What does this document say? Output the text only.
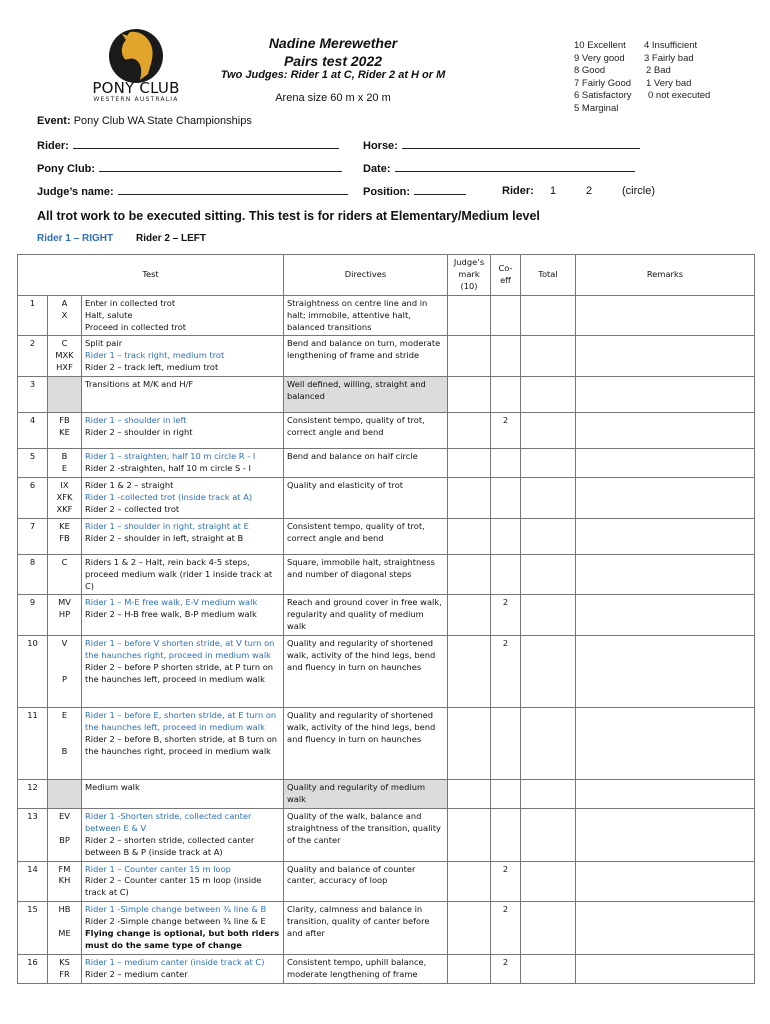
PONY CLUB
WESTERN AUSTRALIA
Nadine Merewether
Pairs test 2022
Two Judges: Rider 1 at C, Rider 2 at H or M
Arena size 60 m x 20 m
10 Excellent
9 Very good
8 Good
7 Fairly Good
6 Satisfactory
5 Marginal
4 Insufficient
3 Fairly bad
2 Bad
1 Very bad
0 not executed
Event: Pony Club WA State Championships
Rider:	Horse:
Pony Club:	Date:
Judge’s name:	Position:	Rider: 1	2	(circle)
All trot work to be executed sitting. This test is for riders at Elementary/Medium level
Rider 1 – RIGHT Rider 2 – LEFT
Test			Directives	Judge’s mark (10)	Co-eff	Total	Remarks
1	A
X	Enter in collected trot
Halt, salute
Proceed in collected trot	Straightness on centre line and in halt; immobile, attentive halt, balanced transitions				

2	C
MXK
HXF	Split pair
Rider 1 – track right, medium trot
Rider 2 – track left, medium trot	Bend and balance on turn, moderate lengthening of frame and stride				

3		Transitions at M/K and H/F	Well defined, willing, straight and balanced				

4	FB
KE	Rider 1 – shoulder in left
Rider 2 – shoulder in right	Consistent tempo, quality of trot, correct angle and bend		2		
5	B
E	Rider 1 – straighten, half 10 m circle R - I
Rider 2 -straighten, half 10 m circle S - I	Bend and balance on half circle				

6	IX
XFK
XKF	Rider 1 & 2 – straight
Rider 1 -collected trot (inside track at A)
Rider 2 – collected trot	Quality and elasticity of trot				

7	KE
FB	Rider 1 – shoulder in right, straight at E
Rider 2 – shoulder in left, straight at B	Consistent tempo, quality of trot, correct angle and bend				

8	C	Riders 1 & 2 – Halt, rein back 4-5 steps, proceed medium walk (rider 1 inside track at C)	Square, immobile halt, straightness and number of diagonal steps				

9	MV
HP	Rider 1 – M-E free walk, E-V medium walk
Rider 2 – H-B free walk, B-P medium walk	Reach and ground cover in free walk, regularity and quality of medium walk		2		
10	V

P	Rider 1 – before V shorten stride, at V turn on the haunches right, proceed in medium walk
Rider 2 – before P shorten stride, at P turn on the haunches left, proceed in medium walk	Quality and regularity of shortened walk, activity of the hind legs, bend and fluency in turn on haunches		2		
11	E

B	Rider 1 – before E, shorten stride, at E turn on the haunches left, proceed in medium walk
Rider 2 – before B, shorten stride, at B turn on the haunches right, proceed in medium walk	Quality and regularity of shortened walk, activity of the hind legs, bend and fluency in turn on haunches				

12		Medium walk	Quality and regularity of medium walk				

13	EV

BP	Rider 1 -Shorten stride, collected canter between E & V
Rider 2 – shorten stride, collected canter between B & P (inside track at A)	Quality of the walk, balance and straightness of the transition, quality of the canter				

14	FM
KH	Rider 1 – Counter canter 15 m loop
Rider 2 – Counter canter 15 m loop (inside track at C)	Quality and balance of counter canter, accuracy of loop		2		
15	HB

ME	Rider 1 -Simple change between ¾ line & B
Rider 2 -Simple change between ¾ line & E
Flying change is optional, but both riders must do the same type of change	Clarity, calmness and balance in transition, quality of canter before and after		2		
16	KS
FR	Rider 1 – medium canter (inside track at C)
Rider 2 – medium canter	Consistent tempo, uphill balance, moderate lengthening of frame		2		
